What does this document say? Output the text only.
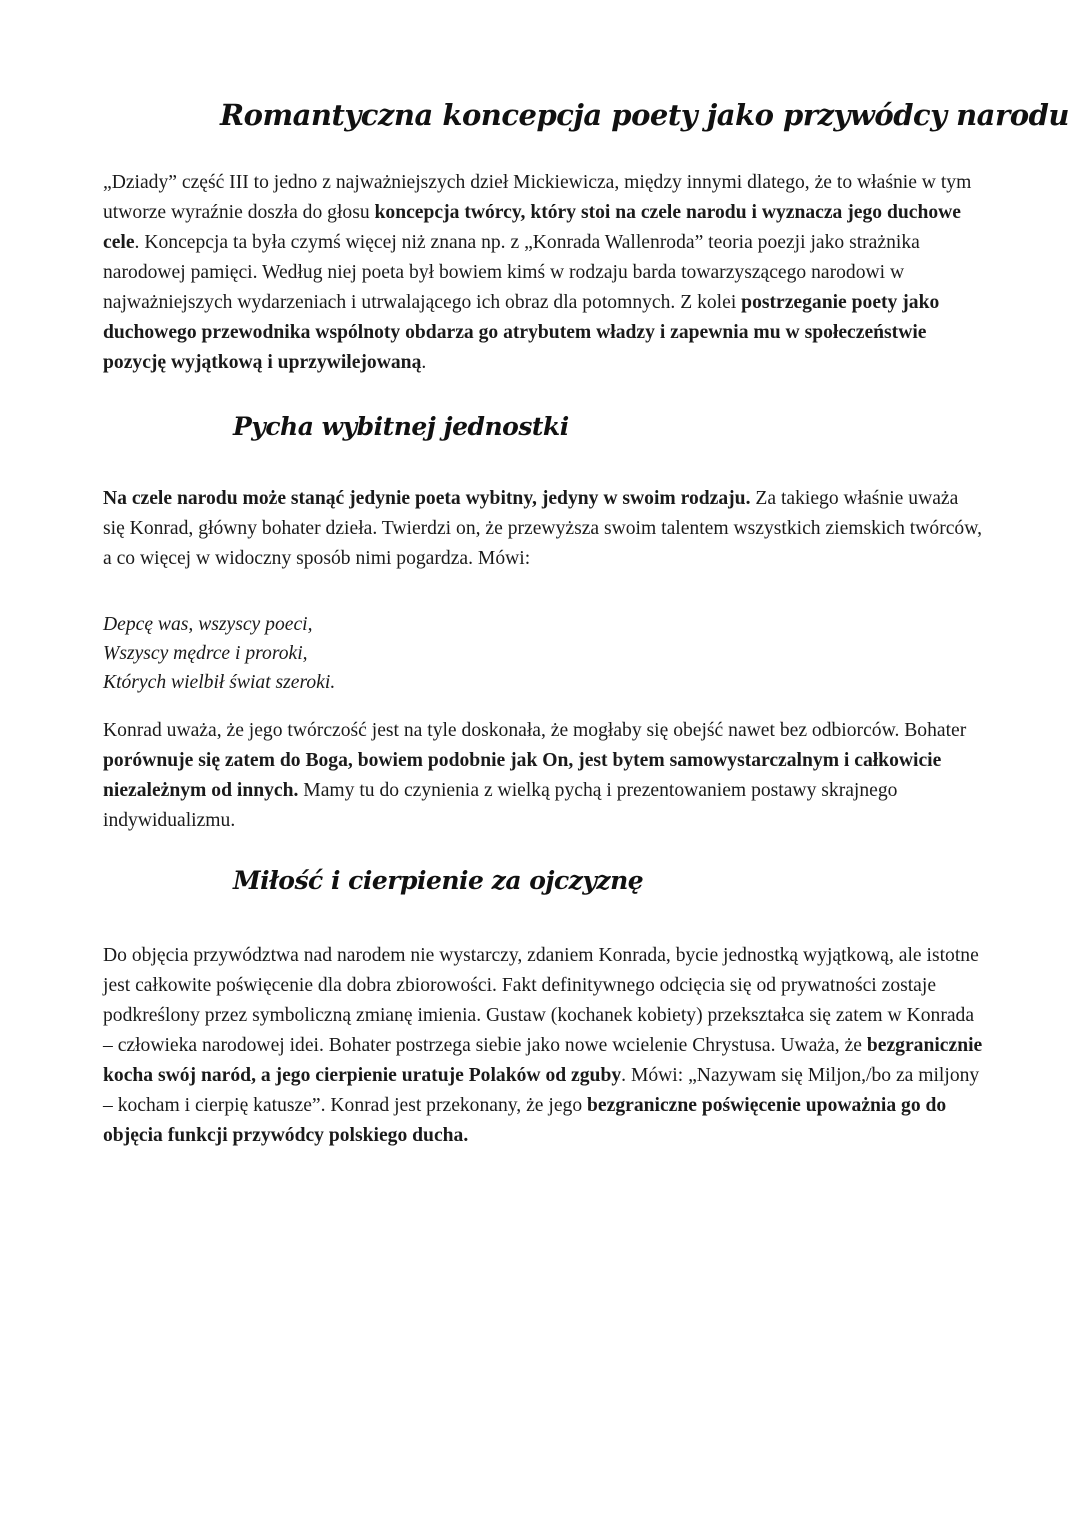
Romantyczna koncepcja poety jako przywódcy narodu

„Dziady” część III to jedno z najważniejszych dzieł Mickiewicza, między innymi dlatego, że to właśnie w tym utworze wyraźnie doszła do głosu koncepcja twórcy, który stoi na czele narodu i wyznacza jego duchowe cele. Koncepcja ta była czymś więcej niż znana np. z „Konrada Wallenroda” teoria poezji jako strażnika narodowej pamięci. Według niej poeta był bowiem kimś w rodzaju barda towarzyszącego narodowi w najważniejszych wydarzeniach i utrwalającego ich obraz dla potomnych. Z kolei postrzeganie poety jako duchowego przewodnika wspólnoty obdarza go atrybutem władzy i zapewnia mu w społeczeństwie pozycję wyjątkową i uprzywilejowaną.

Pycha wybitnej jednostki

Na czele narodu może stanąć jedynie poeta wybitny, jedyny w swoim rodzaju. Za takiego właśnie uważa się Konrad, główny bohater dzieła. Twierdzi on, że przewyższa swoim talentem wszystkich ziemskich twórców, a co więcej w widoczny sposób nimi pogardza. Mówi:

Depcę was, wszyscy poeci,
Wszyscy mędrce i proroki,
Których wielbił świat szeroki.

Konrad uważa, że jego twórczość jest na tyle doskonała, że mogłaby się obejść nawet bez odbiorców. Bohater porównuje się zatem do Boga, bowiem podobnie jak On, jest bytem samowystarczalnym i całkowicie niezależnym od innych. Mamy tu do czynienia z wielką pychą i prezentowaniem postawy skrajnego indywidualizmu.

Miłość i cierpienie za ojczyznę

Do objęcia przywództwa nad narodem nie wystarczy, zdaniem Konrada, bycie jednostką wyjątkową, ale istotne jest całkowite poświęcenie dla dobra zbiorowości. Fakt definitywnego odcięcia się od prywatności zostaje podkreślony przez symboliczną zmianę imienia. Gustaw (kochanek kobiety) przekształca się zatem w Konrada – człowieka narodowej idei. Bohater postrzega siebie jako nowe wcielenie Chrystusa. Uważa, że bezgranicznie kocha swój naród, a jego cierpienie uratuje Polaków od zguby. Mówi: „Nazywam się Miljon,/bo za miljony – kocham i cierpię katusze”. Konrad jest przekonany, że jego bezgraniczne poświęcenie upoważnia go do objęcia funkcji przywódcy polskiego ducha.
